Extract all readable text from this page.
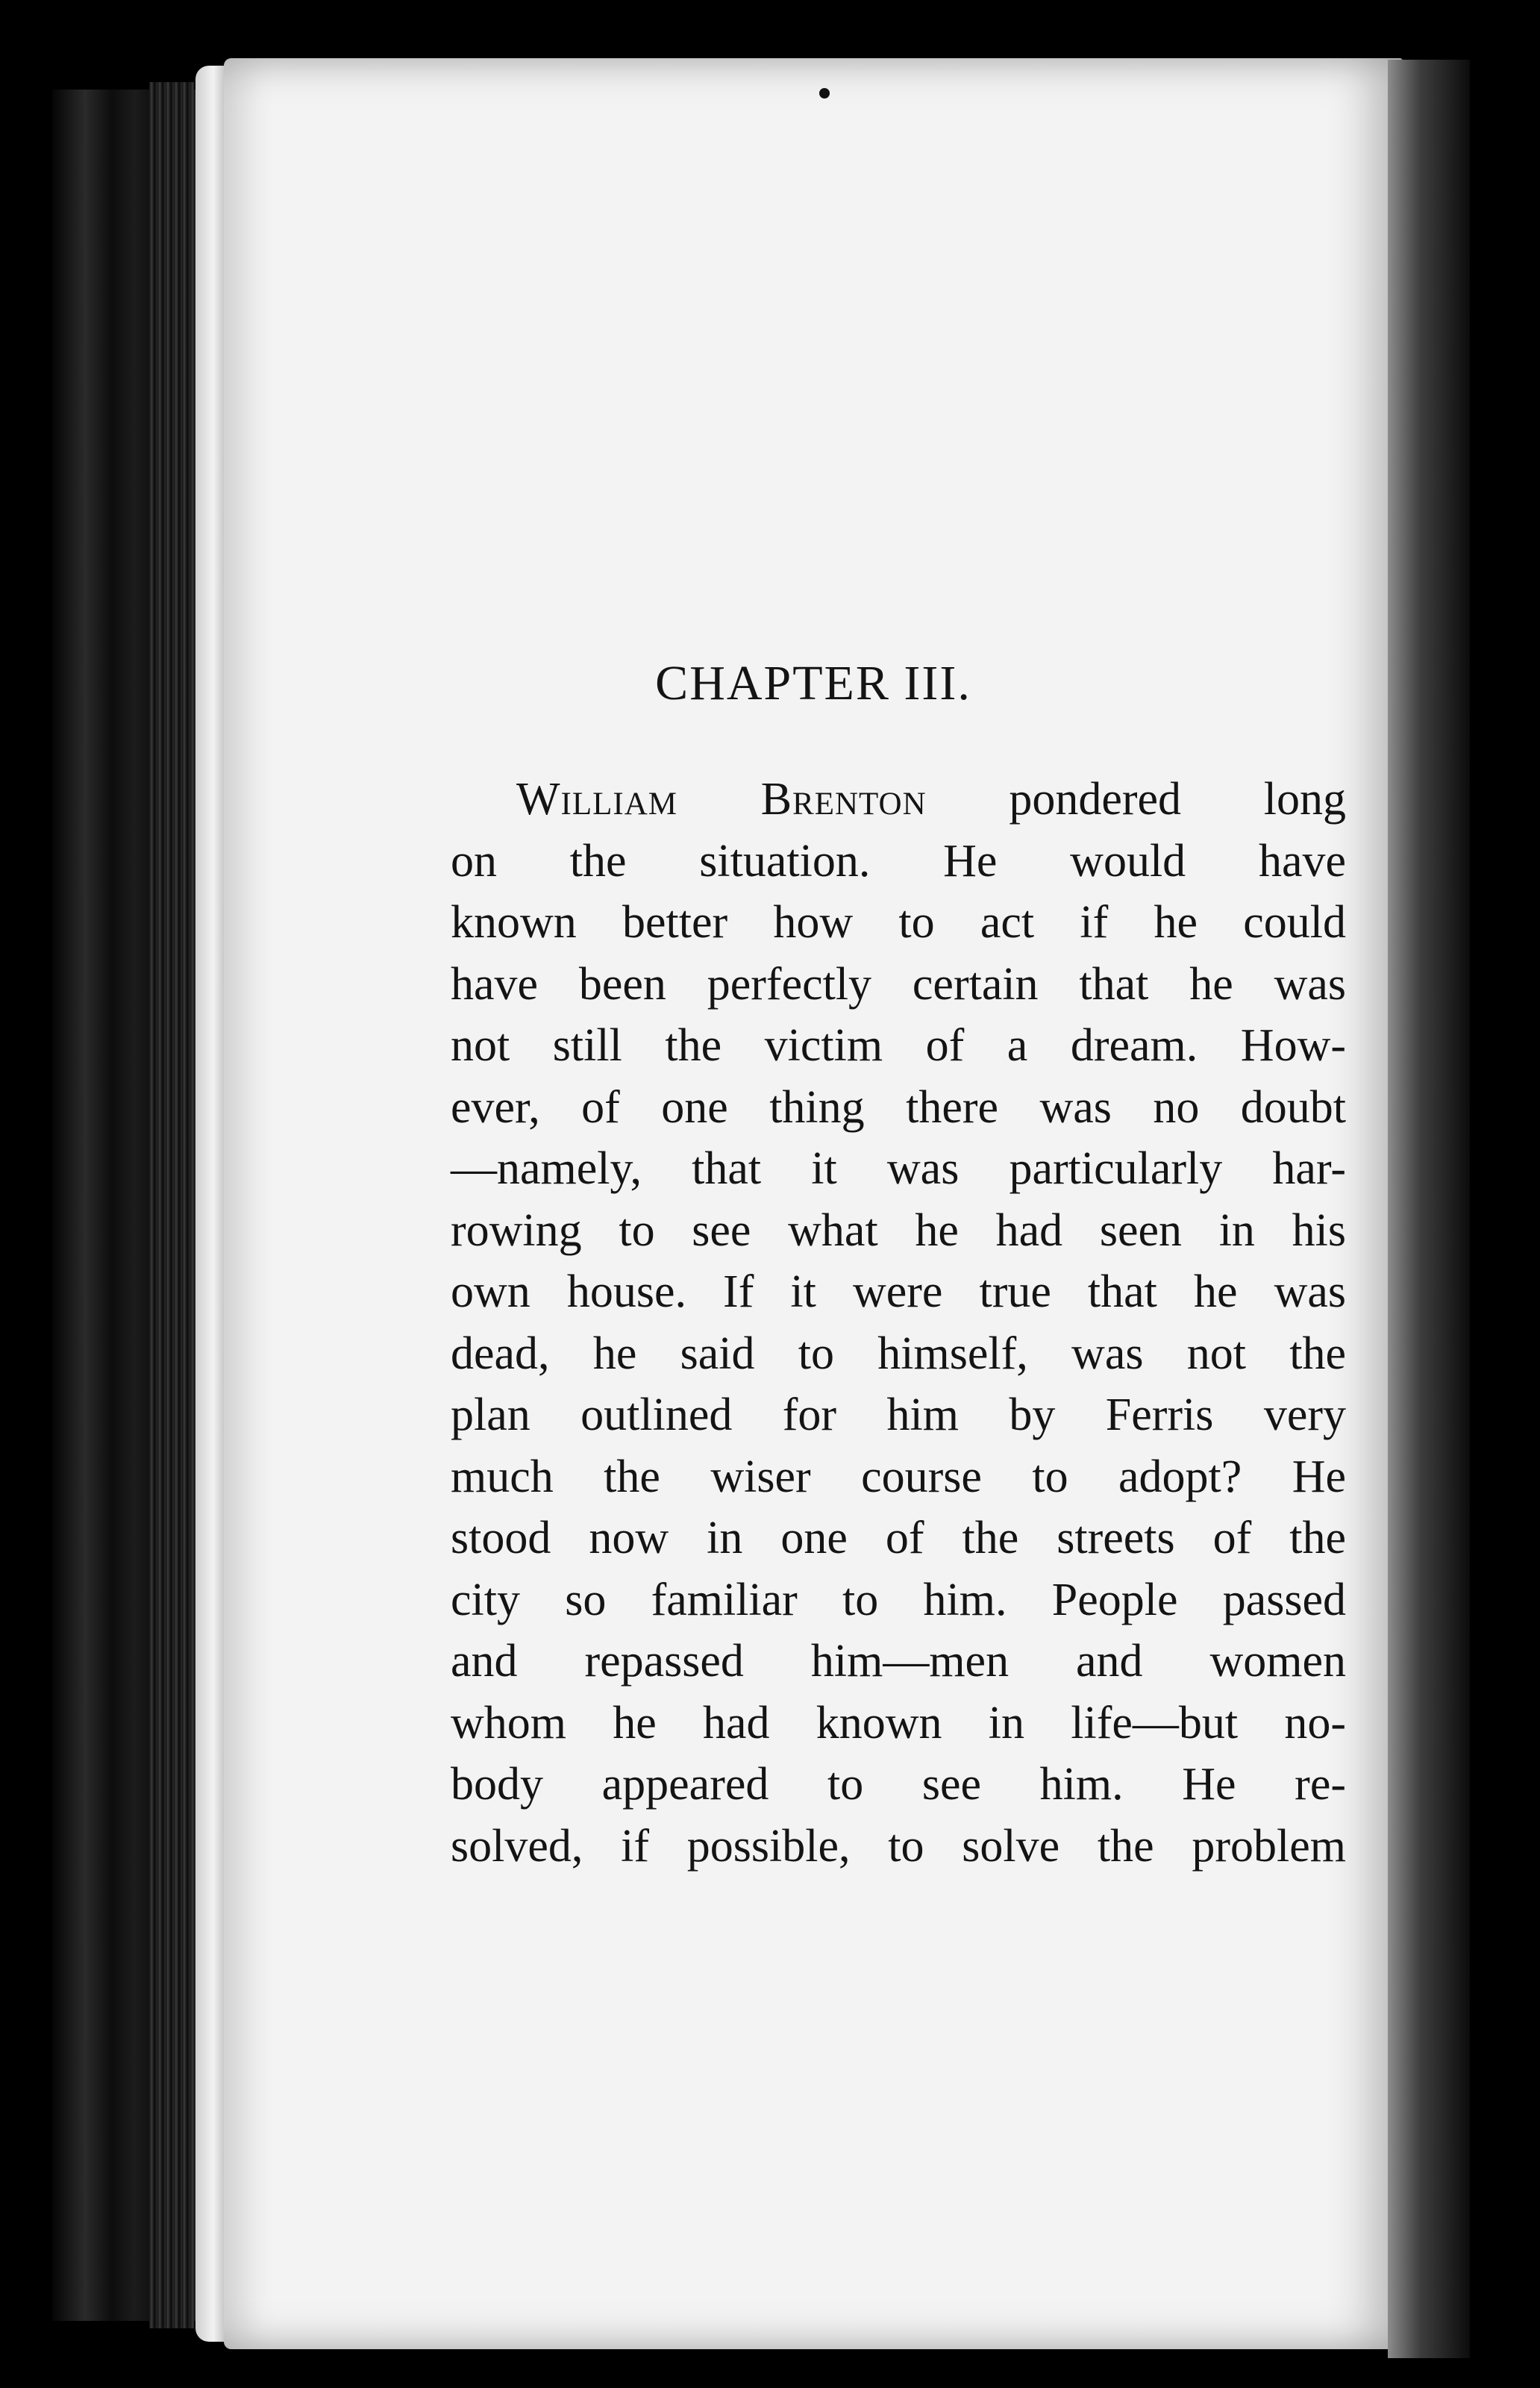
CHAPTER III.
William Brenton pondered long
on the situation. He would have
known better how to act if he could
have been perfectly certain that he was
not still the victim of a dream. How-
ever, of one thing there was no doubt
—namely, that it was particularly har-
rowing to see what he had seen in his
own house. If it were true that he was
dead, he said to himself, was not the
plan outlined for him by Ferris very
much the wiser course to adopt? He
stood now in one of the streets of the
city so familiar to him. People passed
and repassed him—men and women
whom he had known in life—but no-
body appeared to see him. He re-
solved, if possible, to solve the problem
